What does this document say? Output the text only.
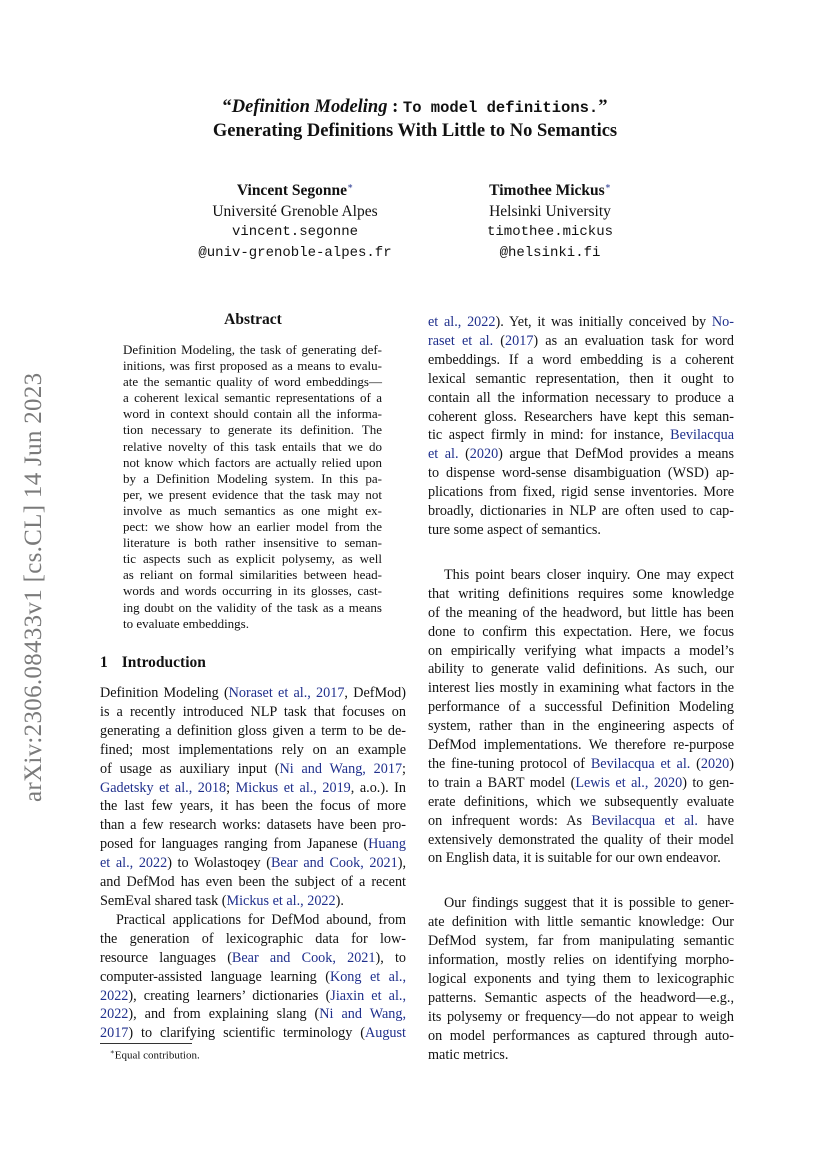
arXiv:2306.08433v1 [cs.CL] 14 Jun 2023
“Definition Modeling : To model definitions.”
Generating Definitions With Little to No Semantics
Vincent Segonne∗
Université Grenoble Alpes
vincent.segonne
@univ-grenoble-alpes.fr
Timothee Mickus∗
Helsinki University
timothee.mickus
@helsinki.fi
Abstract
Definition Modeling, the task of generating def-
initions, was first proposed as a means to evalu-
ate the semantic quality of word embeddings—
a coherent lexical semantic representations of a
word in context should contain all the informa-
tion necessary to generate its definition. The
relative novelty of this task entails that we do
not know which factors are actually relied upon
by a Definition Modeling system. In this pa-
per, we present evidence that the task may not
involve as much semantics as one might ex-
pect: we show how an earlier model from the
literature is both rather insensitive to seman-
tic aspects such as explicit polysemy, as well
as reliant on formal similarities between head-
words and words occurring in its glosses, cast-
ing doubt on the validity of the task as a means
to evaluate embeddings.
1 Introduction
Definition Modeling (Noraset et al., 2017, DefMod)
is a recently introduced NLP task that focuses on
generating a definition gloss given a term to be de-
fined; most implementations rely on an example
of usage as auxiliary input (Ni and Wang, 2017;
Gadetsky et al., 2018; Mickus et al., 2019, a.o.). In
the last few years, it has been the focus of more
than a few research works: datasets have been pro-
posed for languages ranging from Japanese (Huang
et al., 2022) to Wolastoqey (Bear and Cook, 2021),
and DefMod has even been the subject of a recent
SemEval shared task (Mickus et al., 2022).
Practical applications for DefMod abound, from
the generation of lexicographic data for low-
resource languages (Bear and Cook, 2021), to
computer-assisted language learning (Kong et al.,
2022), creating learners’ dictionaries (Jiaxin et al.,
2022), and from explaining slang (Ni and Wang,
2017) to clarifying scientific terminology (August
∗Equal contribution.
et al., 2022). Yet, it was initially conceived by No-
raset et al. (2017) as an evaluation task for word
embeddings. If a word embedding is a coherent
lexical semantic representation, then it ought to
contain all the information necessary to produce a
coherent gloss. Researchers have kept this seman-
tic aspect firmly in mind: for instance, Bevilacqua
et al. (2020) argue that DefMod provides a means
to dispense word-sense disambiguation (WSD) ap-
plications from fixed, rigid sense inventories. More
broadly, dictionaries in NLP are often used to cap-
ture some aspect of semantics.
This point bears closer inquiry. One may expect
that writing definitions requires some knowledge
of the meaning of the headword, but little has been
done to confirm this expectation. Here, we focus
on empirically verifying what impacts a model’s
ability to generate valid definitions. As such, our
interest lies mostly in examining what factors in the
performance of a successful Definition Modeling
system, rather than in the engineering aspects of
DefMod implementations. We therefore re-purpose
the fine-tuning protocol of Bevilacqua et al. (2020)
to train a BART model (Lewis et al., 2020) to gen-
erate definitions, which we subsequently evaluate
on infrequent words: As Bevilacqua et al. have
extensively demonstrated the quality of their model
on English data, it is suitable for our own endeavor.
Our findings suggest that it is possible to gener-
ate definition with little semantic knowledge: Our
DefMod system, far from manipulating semantic
information, mostly relies on identifying morpho-
logical exponents and tying them to lexicographic
patterns. Semantic aspects of the headword—e.g.,
its polysemy or frequency—do not appear to weigh
on model performances as captured through auto-
matic metrics.
